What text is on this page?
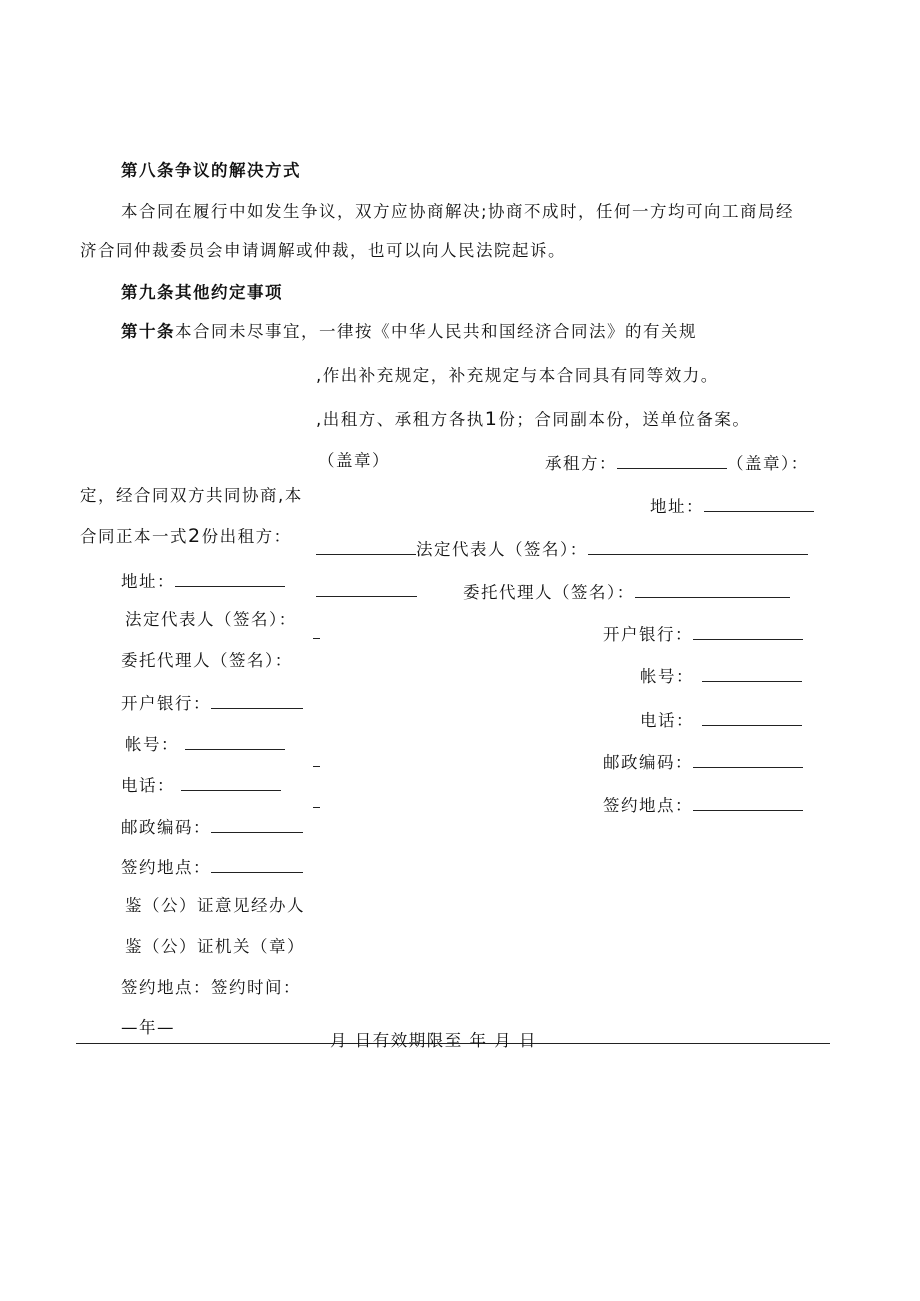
第八条争议的解决方式
本合同在履行中如发生争议，双方应协商解决;协商不成时，任何一方均可向工商局经
济合同仲裁委员会申请调解或仲裁，也可以向人民法院起诉。
第九条其他约定事项
第十条本合同未尽事宜，一律按《中华人民共和国经济合同法》的有关规
,作出补充规定，补充规定与本合同具有同等效力。
,出租方、承租方各执1份；合同副本份，送单位备案。
（盖章）	承租方：	（盖章）：
定，经合同双方共同协商,本
合同正本一式2份出租方：
地址：
法定代表人（签名）：
地址：
委托代理人（签名）：
法定代表人（签名）：
开户银行：
委托代理人（签名）：
帐号：
开户银行：
电话：
帐号：
邮政编码：
电话：
签约地点：
邮政编码：
签约地点：
鉴（公）证意见经办人
鉴（公）证机关（章）
签约地点：签约时间：
—年—
月 日有效期限至 年 月 日
